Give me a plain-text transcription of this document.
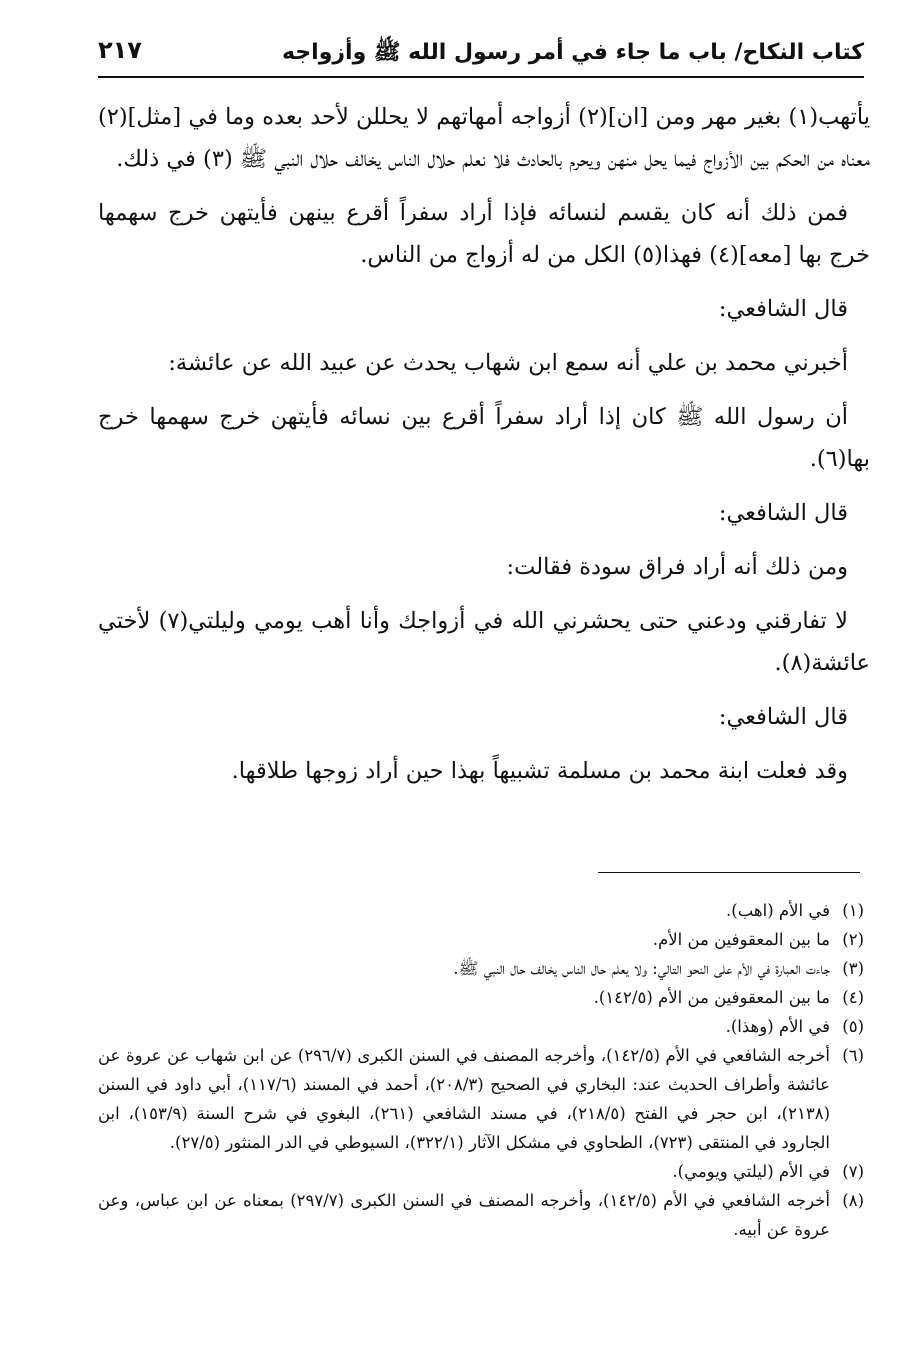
كتاب النكاح/ باب ما جاء في أمر رسول الله ﷺ وأزواجه
٢١٧

يأتهب(١) بغير مهر ومن [ان](٢) أزواجه أمهاتهم لا يحللن لأحد بعده وما في [مثل](٢) معناه من الحكم بين الأزواج فيما يحل منهن ويحرم بالحادث فلا نعلم حلال الناس يخالف حلال النبي ﷺ (٣) في ذلك.

فمن ذلك أنه كان يقسم لنسائه فإذا أراد سفراً أقرع بينهن فأيتهن خرج سهمها خرج بها [معه](٤) فهذا(٥) الكل من له أزواج من الناس.

قال الشافعي:

أخبرني محمد بن علي أنه سمع ابن شهاب يحدث عن عبيد الله عن عائشة:

أن رسول الله ﷺ كان إذا أراد سفراً أقرع بين نسائه فأيتهن خرج سهمها خرج بها(٦).

قال الشافعي:

ومن ذلك أنه أراد فراق سودة فقالت:

لا تفارقني ودعني حتى يحشرني الله في أزواجك وأنا أهب يومي وليلتي(٧) لأختي عائشة(٨).

قال الشافعي:

وقد فعلت ابنة محمد بن مسلمة تشبيهاً بهذا حين أراد زوجها طلاقها.

(١)
في الأم (اهب).
(٢)
ما بين المعقوفين من الأم.
(٣)
جاءت العبارة في الأم على النحو التالي: ولا يعلم حال الناس يخالف حال النبي ﷺ.
(٤)
ما بين المعقوفين من الأم (١٤٢/٥).
(٥)
في الأم (وهذا).
(٦)
أخرجه الشافعي في الأم (١٤٢/٥)، وأخرجه المصنف في السنن الكبرى (٢٩٦/٧) عن ابن شهاب عن عروة عن عائشة وأطراف الحديث عند: البخاري في الصحيح (٢٠٨/٣)، أحمد في المسند (١١٧/٦)، أبي داود في السنن (٢١٣٨)، ابن حجر في الفتح (٢١٨/٥)، في مسند الشافعي (٢٦١)، البغوي في شرح السنة (١٥٣/٩)، ابن الجارود في المنتقى (٧٢٣)، الطحاوي في مشكل الآثار (٣٢٢/١)، السيوطي في الدر المنثور (٢٧/٥).
(٧)
في الأم (ليلتي ويومي).
(٨)
أخرجه الشافعي في الأم (١٤٢/٥)، وأخرجه المصنف في السنن الكبرى (٢٩٧/٧) بمعناه عن ابن عباس، وعن عروة عن أبيه.
